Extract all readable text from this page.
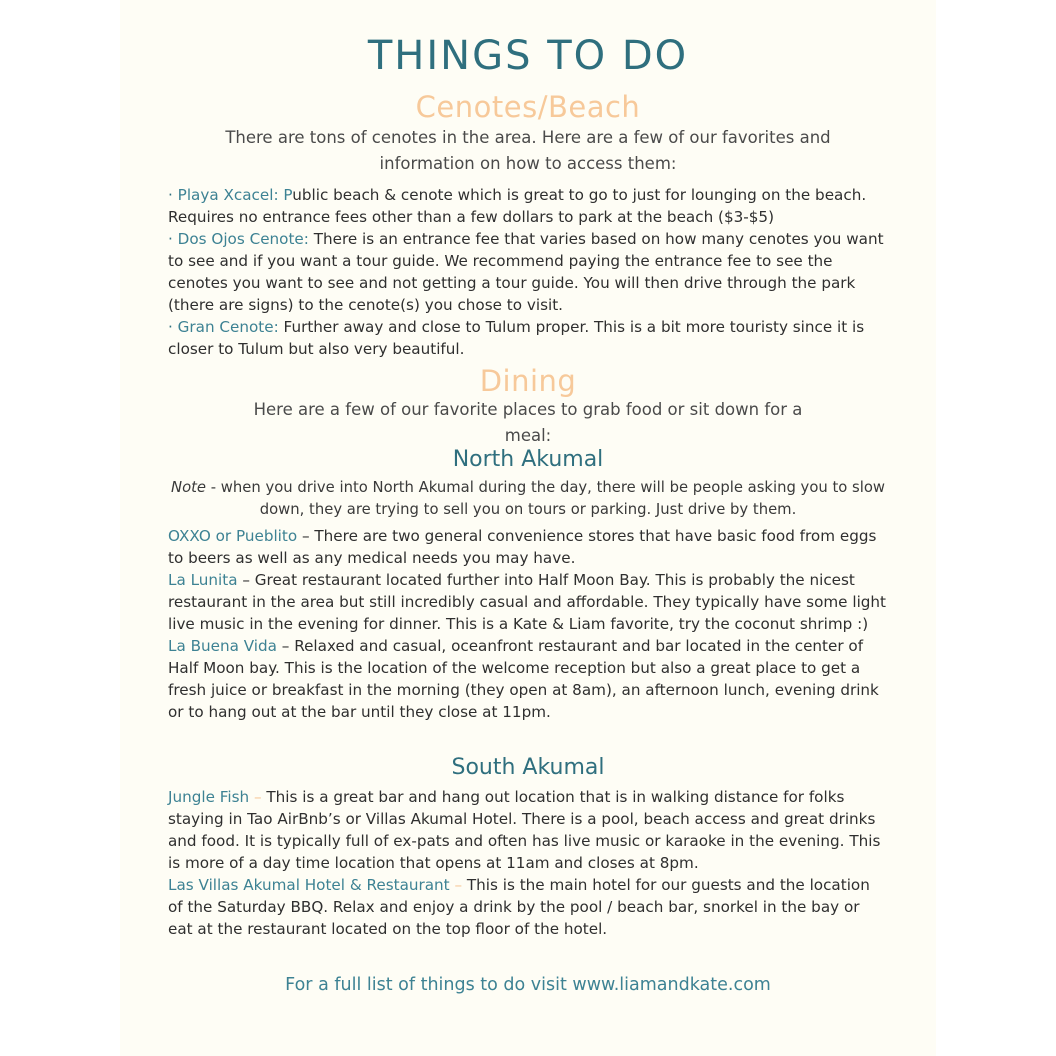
THINGS TO DO
Cenotes/Beach
There are tons of cenotes in the area. Here are a few of our favorites and information on how to access them:

· Playa Xcacel: Public beach & cenote which is great to go to just for lounging on the beach. Requires no entrance fees other than a few dollars to park at the beach ($3-$5)

· Dos Ojos Cenote: There is an entrance fee that varies based on how many cenotes you want to see and if you want a tour guide. We recommend paying the entrance fee to see the cenotes you want to see and not getting a tour guide. You will then drive through the park (there are signs) to the cenote(s) you chose to visit.

· Gran Cenote: Further away and close to Tulum proper. This is a bit more touristy since it is closer to Tulum but also very beautiful.

Dining
Here are a few of our favorite places to grab food or sit down for a meal:
North Akumal
Note - when you drive into North Akumal during the day, there will be people asking you to slow down, they are trying to sell you on tours or parking. Just drive by them.

OXXO or Pueblito – There are two general convenience stores that have basic food from eggs to beers as well as any medical needs you may have.

La Lunita – Great restaurant located further into Half Moon Bay. This is probably the nicest restaurant in the area but still incredibly casual and affordable. They typically have some light live music in the evening for dinner. This is a Kate & Liam favorite, try the coconut shrimp :)

La Buena Vida – Relaxed and casual, oceanfront restaurant and bar located in the center of Half Moon bay. This is the location of the welcome reception but also a great place to get a fresh juice or breakfast in the morning (they open at 8am), an afternoon lunch, evening drink or to hang out at the bar until they close at 11pm.

South Akumal

Jungle Fish – This is a great bar and hang out location that is in walking distance for folks staying in Tao AirBnb’s or Villas Akumal Hotel. There is a pool, beach access and great drinks and food. It is typically full of ex-pats and often has live music or karaoke in the evening. This is more of a day time location that opens at 11am and closes at 8pm.

Las Villas Akumal Hotel & Restaurant – This is the main hotel for our guests and the location of the Saturday BBQ. Relax and enjoy a drink by the pool / beach bar, snorkel in the bay or eat at the restaurant located on the top floor of the hotel.

For a full list of things to do visit www.liamandkate.com
